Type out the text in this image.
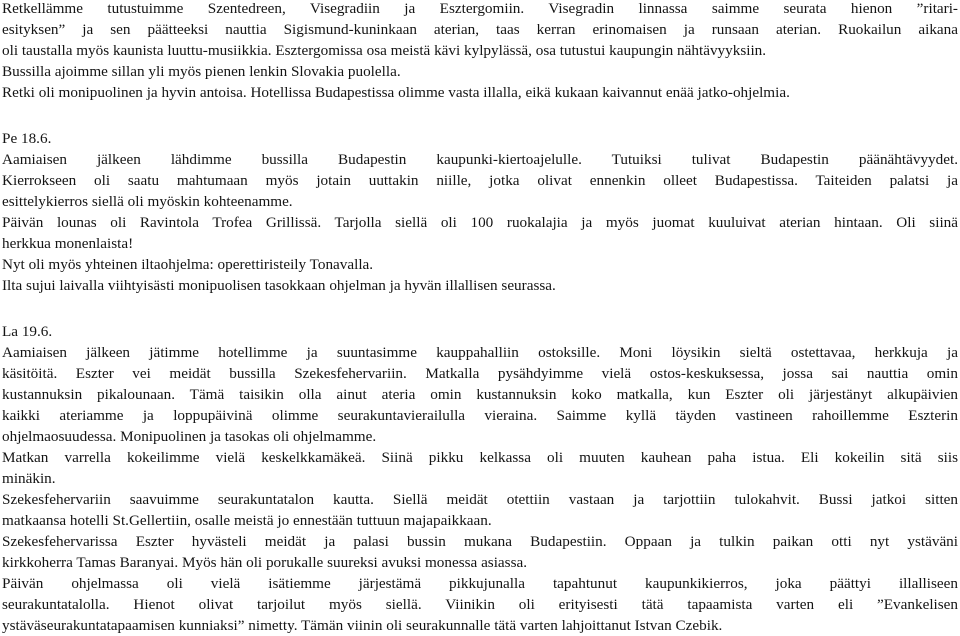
Retkellämme tutustuimme Szentedreen, Visegradiin ja Esztergomiin. Visegradin linnassa saimme seurata hienon ”ritari-
esityksen” ja sen päätteeksi nauttia Sigismund-kuninkaan aterian, taas kerran erinomaisen ja runsaan aterian. Ruokailun aikana
oli taustalla myös kaunista luuttu-musiikkia. Esztergomissa osa meistä kävi kylpylässä, osa tutustui kaupungin nähtävyyksiin.
Bussilla ajoimme sillan yli myös pienen lenkin Slovakia puolella.
Retki oli monipuolinen ja hyvin antoisa. Hotellissa Budapestissa olimme vasta illalla, eikä kukaan kaivannut enää jatko-ohjelmia.
Pe 18.6.
Aamiaisen jälkeen lähdimme bussilla Budapestin kaupunki-kiertoajelulle. Tutuiksi tulivat Budapestin päänähtävyydet.
Kierrokseen oli saatu mahtumaan myös jotain uuttakin niille, jotka olivat ennenkin olleet Budapestissa. Taiteiden palatsi ja
esittelykierros siellä oli myöskin kohteenamme.
Päivän lounas oli Ravintola Trofea Grillissä. Tarjolla siellä oli 100 ruokalajia ja myös juomat kuuluivat aterian hintaan. Oli siinä
herkkua monenlaista!
Nyt oli myös yhteinen iltaohjelma: operettiristeily Tonavalla.
Ilta sujui laivalla viihtyisästi monipuolisen tasokkaan ohjelman ja hyvän illallisen seurassa.
La 19.6.
Aamiaisen jälkeen jätimme hotellimme ja suuntasimme kauppahalliin ostoksille. Moni löysikin sieltä ostettavaa, herkkuja ja
käsitöitä. Eszter vei meidät bussilla Szekesfehervariin. Matkalla pysähdyimme vielä ostos-keskuksessa, jossa sai nauttia omin
kustannuksin pikalounaan. Tämä taisikin olla ainut ateria omin kustannuksin koko matkalla, kun Eszter oli järjestänyt alkupäivien
kaikki ateriamme ja loppupäivinä olimme seurakuntavierailulla vieraina. Saimme kyllä täyden vastineen rahoillemme Eszterin
ohjelmaosuudessa. Monipuolinen ja tasokas oli ohjelmamme.
Matkan varrella kokeilimme vielä keskelkkamäkeä. Siinä pikku kelkassa oli muuten kauhean paha istua. Eli kokeilin sitä siis
minäkin.
Szekesfehervariin saavuimme seurakuntatalon kautta. Siellä meidät otettiin vastaan ja tarjottiin tulokahvit. Bussi jatkoi sitten
matkaansa hotelli St.Gellertiin, osalle meistä jo ennestään tuttuun majapaikkaan.
Szekesfehervarissa Eszter hyvästeli meidät ja palasi bussin mukana Budapestiin. Oppaan ja tulkin paikan otti nyt ystäväni
kirkkoherra Tamas Baranyai. Myös hän oli porukalle suureksi avuksi monessa asiassa.
Päivän ohjelmassa oli vielä isätiemme järjestämä pikkujunalla tapahtunut kaupunkikierros, joka päättyi illalliseen
seurakuntatalolla. Hienot olivat tarjoilut myös siellä. Viinikin oli erityisesti tätä tapaamista varten eli ”Evankelisen
ystäväseurakuntatapaamisen kunniaksi” nimetty. Tämän viinin oli seurakunnalle tätä varten lahjoittanut Istvan Czebik.
